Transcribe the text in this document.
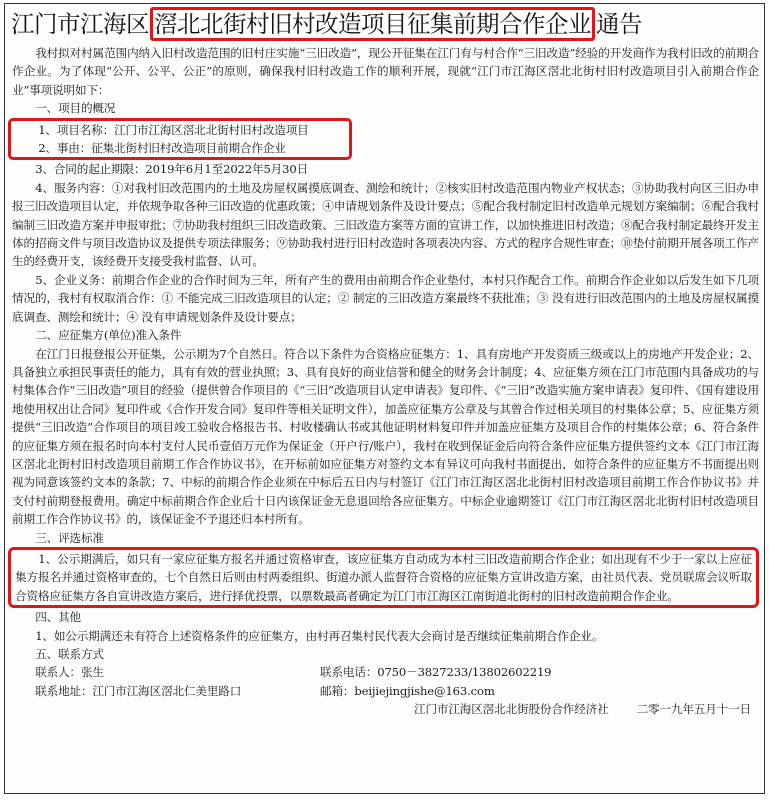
江门市江海区 滘北北街村旧村改造项目征集前期合作企业 通告

我村拟对村属范围内纳入旧村改造范围的旧村庄实施“三旧改造”，现公开征集在江门有与村合作“三旧改造”经验的开发商作为我村旧改的前期合作企业。为了体现“公开、公平、公正”的原则，确保我村旧村改造工作的顺利开展，现就“江门市江海区滘北北街村旧村改造项目引入前期合作企业”事项说明如下：

一、项目的概况

1、项目名称：江门市江海区滘北北街村旧村改造项目

2、事由：征集北街村旧村改造项目前期合作企业

3、合同的起止期限：2019年6月1至2022年5月30日

4、服务内容：①对我村旧改范围内的土地及房屋权属摸底调查、测绘和统计；②核实旧村改造范围内物业产权状态；③协助我村向区三旧办申报三旧改造项目认定，并依规争取各种三旧改造的优惠政策；④申请规划条件及设计要点；⑤配合我村制定旧村改造单元规划方案编制；⑥配合我村编制三旧改造方案并申报审批；⑦协助我村组织三旧改造政策、三旧改造方案等方面的宣讲工作，以加快推进旧村改造；⑧配合我村制定最终开发主体的招商文件与项目改造协议及提供专项法律服务；⑨协助我村进行旧村改造时各项表决内容、方式的程序合规性审查；⑩垫付前期开展各项工作产生的经费开支，该经费开支接受我村监督、认可。

5、企业义务：前期合作企业的合作时间为三年，所有产生的费用由前期合作企业垫付，本村只作配合工作。前期合作企业如以后发生如下几项情况的，我村有权取消合作：① 不能完成三旧改造项目的认定；② 制定的三旧改造方案最终不获批准；③ 没有进行旧改范围内的土地及房屋权属摸底调查、测绘和统计；④ 没有申请规划条件及设计要点；

二、应征集方(单位)准入条件

在江门日报登报公开征集，公示期为7个自然日。符合以下条件为合资格应征集方：1、具有房地产开发资质三级或以上的房地产开发企业；2、具备独立承担民事责任的能力，具有有效的营业执照；3、具有良好的商业信誉和健全的财务会计制度；4、应征集方须在江门市范围内具备成功的与村集体合作“三旧改造”项目的经验（提供曾合作项目的《“三旧”改造项目认定申请表》复印件、《“三旧”改造实施方案申请表》复印件、《国有建设用地使用权出让合同》复印件或《合作开发合同》复印件等相关证明文件），加盖应征集方公章及与其曾合作过相关项目的村集体公章；5、应征集方须提供“三旧改造”合作项目的项目竣工验收合格报告书、村收楼确认书或其他证明材料复印件并加盖应征集方及项目合作的村集体公章；6、符合条件的应征集方须在报名时向本村支付人民币壹佰万元作为保证金（开户行/账户），我村在收到保证金后向符合条件应征集方提供签约文本《江门市江海区滘北北街村旧村改造项目前期工作合作协议书》，在开标前如应征集方对签约文本有异议可向我村书面提出，如符合条件的应征集方不书面提出则视为同意该签约文本的条款；7、中标的前期合作企业须在中标后五日内与村签订《江门市江海区滘北北街村旧村改造项目前期工作合作协议书》并支付村前期登报费用。确定中标前期合作企业后十日内该保证金无息退回给各应征集方。中标企业逾期签订《江门市江海区滘北北街村旧村改造项目前期工作合作协议书》的，该保证金不予退还归本村所有。

三、评选标准

1、公示期满后，如只有一家应征集方报名并通过资格审查，该应征集方自动成为本村三旧改造前期合作企业；如出现有不少于一家以上应征集方报名并通过资格审查的，七个自然日后则由村两委组织、街道办派人监督符合资格的应征集方宣讲改造方案，由社员代表、党员联席会议听取合资格应征集方各自宣讲改造方案后，进行择优投票，以票数最高者确定为江门市江海区江南街道北街村的旧村改造前期合作企业。

四、其他

1、如公示期满还未有符合上述资格条件的应征集方，由村再召集村民代表大会商讨是否继续征集前期合作企业。

五、联系方式

联系人：张生	联系电话：0750－3827233/13802602219
联系地址：江门市江海区滘北仁美里路口	邮箱：beijiejingjishe@163.com
江门市江海区滘北北街股份合作经济社 二零一九年五月十一日
